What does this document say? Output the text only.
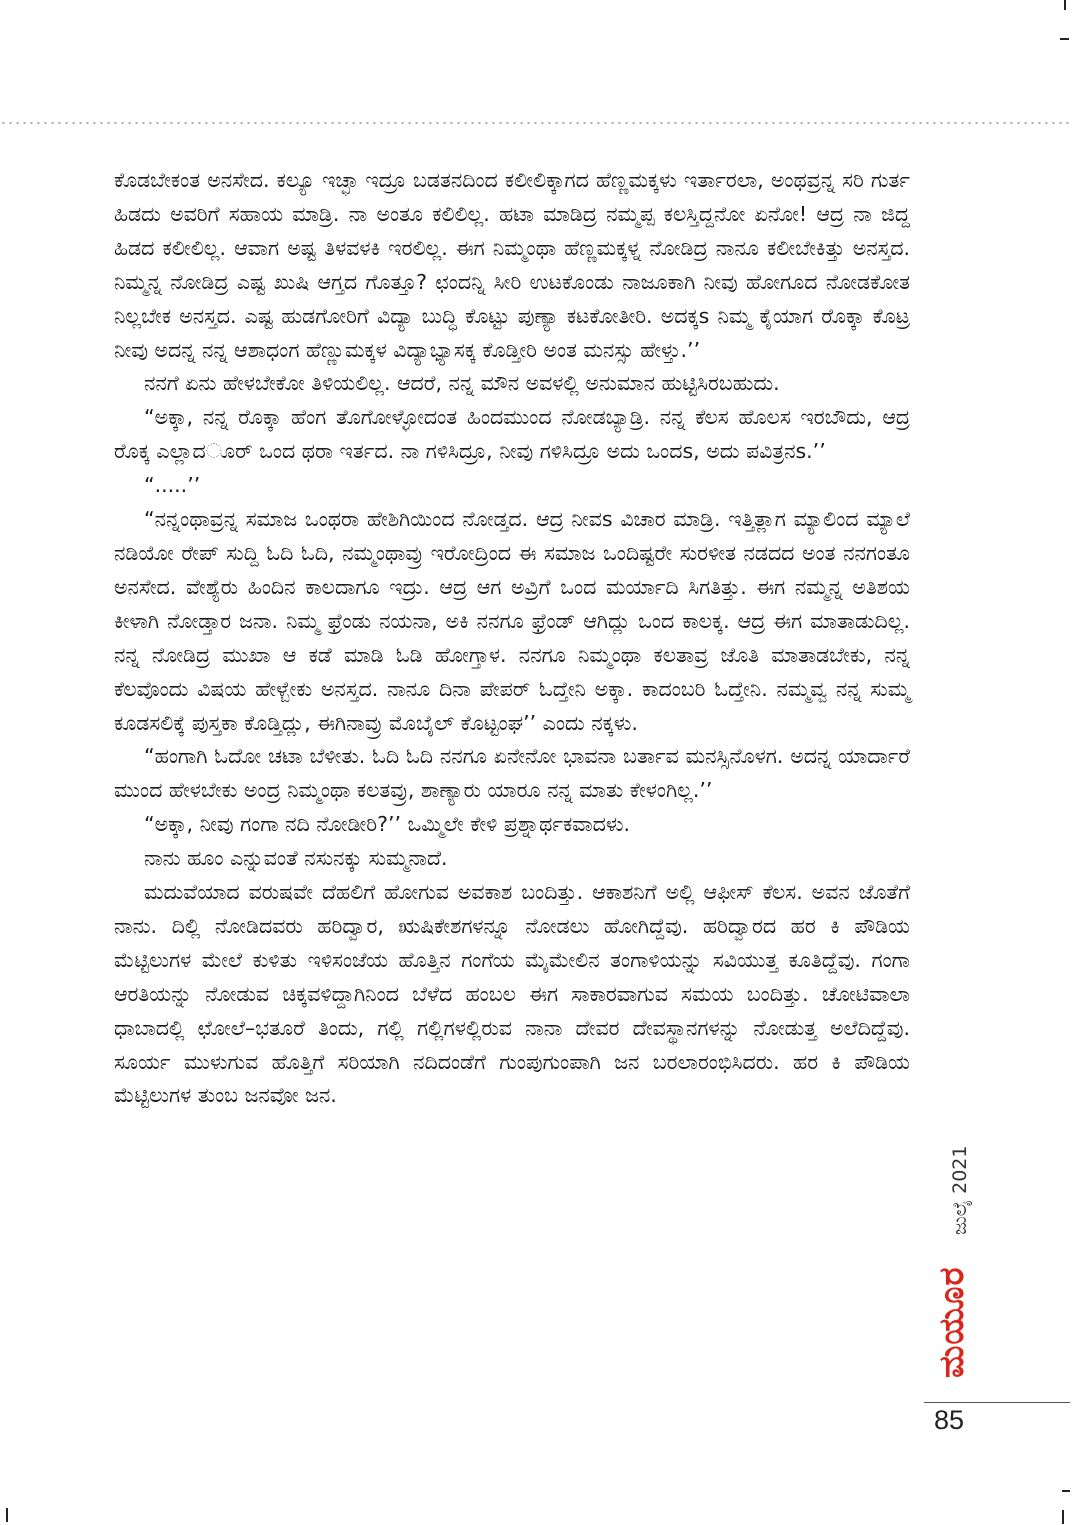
ಕೊಡಬೇಕಂತ ಅನಸೇದ. ಕಲ್ಯೂ ಇಚ್ಛಾ ಇದ್ರೂ ಬಡತನದಿಂದ ಕಲೀಲಿಕ್ಕಾಗದ ಹೆಣ್ಣಮಕ್ಕಳು ಇರ್ತಾರಲಾ, ಅಂಥವ್ರನ್ನ ಸರಿ ಗುರ್ತ ಹಿಡದು ಅವರಿಗೆ ಸಹಾಯ ಮಾಡ್ರಿ. ನಾ ಅಂತೂ ಕಲಿಲಿಲ್ಲ. ಹಟಾ ಮಾಡಿದ್ರ ನಮ್ಮಪ್ಪ ಕಲಸ್ತಿದ್ದನೋ ಏನೋ! ಆದ್ರ ನಾ ಜಿದ್ದ ಹಿಡದ ಕಲೀಲಿಲ್ಲ. ಆವಾಗ ಅಷ್ಟ ತಿಳವಳಕಿ ಇರಲಿಲ್ಲ. ಈಗ ನಿಮ್ಮಂಥಾ ಹೆಣ್ಣಮಕ್ಕಳ್ನ ನೋಡಿದ್ರ ನಾನೂ ಕಲೀಬೇಕಿತ್ತು ಅನಸ್ತದ. ನಿಮ್ಮನ್ನ ನೋಡಿದ್ರ ಎಷ್ಟ ಖುಷಿ ಆಗ್ತದ ಗೊತ್ತೂ? ಛಂದನ್ನಿ ಸೀರಿ ಉಟಕೊಂಡು ನಾಜೂಕಾಗಿ ನೀವು ಹೋಗೂದ ನೋಡಕೋತ ನಿಲ್ಲಬೇಕ ಅನಸ್ತದ. ಎಷ್ಟ ಹುಡಗೋರಿಗೆ ವಿದ್ಯಾ ಬುದ್ಧಿ ಕೊಟ್ಟು ಪುಣ್ಯಾ ಕಟಕೋತೀರಿ. ಅದಕ್ಕs ನಿಮ್ಮ ಕೈಯಾಗ ರೊಕ್ಕಾ ಕೊಟ್ರ ನೀವು ಅದನ್ನ ನನ್ನ ಆಶಾಧಂಗ ಹೆಣ್ಣುಮಕ್ಕಳ ವಿದ್ಯಾಭ್ಯಾಸಕ್ಕ ಕೊಡ್ತೀರಿ ಅಂತ ಮನಸ್ಸು ಹೇಳ್ತು.’’

ನನಗೆ ಏನು ಹೇಳಬೇಕೋ ತಿಳಿಯಲಿಲ್ಲ. ಆದರೆ, ನನ್ನ ಮೌನ ಅವಳಲ್ಲಿ ಅನುಮಾನ ಹುಟ್ಟಿಸಿರಬಹುದು.

“ಅಕ್ಕಾ, ನನ್ನ ರೊಕ್ಕಾ ಹೆಂಗ ತೊಗೋಳ್ಳೋದಂತ ಹಿಂದಮುಂದ ನೋಡಬ್ಯಾಡ್ರಿ. ನನ್ನ ಕೆಲಸ ಹೊಲಸ ಇರಬೌದು, ಆದ್ರ ರೊಕ್ಕ ಎಲ್ಲಾದರ್ೂ ಒಂದ ಥರಾ ಇರ್ತದ. ನಾ ಗಳಿಸಿದ್ರೂ, ನೀವು ಗಳಿಸಿದ್ರೂ ಅದು ಒಂದs, ಅದು ಪವಿತ್ರನs.’’

“.....’’

“ನನ್ನಂಥಾವ್ರನ್ನ ಸಮಾಜ ಒಂಥರಾ ಹೇಶಿಗಿಯಿಂದ ನೋಡ್ತದ. ಆದ್ರ ನೀವs ವಿಚಾರ ಮಾಡ್ರಿ. ಇತ್ತಿತ್ಲಾಗ ಮ್ಯಾಲಿಂದ ಮ್ಯಾಲೆ ನಡಿಯೋ ರೇಪ್ ಸುದ್ದಿ ಓದಿ ಓದಿ, ನಮ್ಮಂಥಾವ್ರು ಇರೋದ್ರಿಂದ ಈ ಸಮಾಜ ಒಂದಿಷ್ಟರೇ ಸುರಳೀತ ನಡದದ ಅಂತ ನನಗಂತೂ ಅನಸೇದ. ವೇಶ್ಯೆರು ಹಿಂದಿನ ಕಾಲದಾಗೂ ಇದ್ರು. ಆದ್ರ ಆಗ ಅವ್ರಿಗೆ ಒಂದ ಮರ್ಯಾದಿ ಸಿಗತಿತ್ತು. ಈಗ ನಮ್ಮನ್ನ ಅತಿಶಯ ಕೀಳಾಗಿ ನೋಡ್ತಾರ ಜನಾ. ನಿಮ್ಮ ಫ್ರೆಂಡು ನಯನಾ, ಅಕಿ ನನಗೂ ಫ್ರೆಂಡ್ ಆಗಿದ್ಲು ಒಂದ ಕಾಲಕ್ಕ. ಆದ್ರ ಈಗ ಮಾತಾಡುದಿಲ್ಲ. ನನ್ನ ನೋಡಿದ್ರ ಮುಖಾ ಆ ಕಡೆ ಮಾಡಿ ಓಡಿ ಹೋಗ್ತಾಳ. ನನಗೂ ನಿಮ್ಮಂಥಾ ಕಲತಾವ್ರ ಜೊತಿ ಮಾತಾಡಬೇಕು, ನನ್ನ ಕೆಲವೊಂದು ವಿಷಯ ಹೇಳ್ಬೇಕು ಅನಸ್ತದ. ನಾನೂ ದಿನಾ ಪೇಪರ್ ಓದ್ತೇನಿ ಅಕ್ಕಾ. ಕಾದಂಬರಿ ಓದ್ತೇನಿ. ನಮ್ಮವ್ವ ನನ್ನ ಸುಮ್ಮ ಕೂಡಸಲಿಕ್ಕೆ ಪುಸ್ತಕಾ ಕೊಡ್ತಿದ್ಲು, ಈಗಿನಾವ್ರು ಮೊಬೈಲ್ ಕೊಟ್ಟಂಘ’’ ಎಂದು ನಕ್ಕಳು.

“ಹಂಗಾಗಿ ಓದೋ ಚಟಾ ಬೆಳೀತು. ಓದಿ ಓದಿ ನನಗೂ ಏನೇನೋ ಭಾವನಾ ಬರ್ತಾವ ಮನಸ್ಸಿನೊಳಗ. ಅದನ್ನ ಯಾರ್ದಾರೆ ಮುಂದ ಹೇಳಬೇಕು ಅಂದ್ರ ನಿಮ್ಮಂಥಾ ಕಲತವ್ರು, ಶಾಣ್ಯಾರು ಯಾರೂ ನನ್ನ ಮಾತು ಕೇಳಂಗಿಲ್ಲ.’’

“ಅಕ್ಕಾ, ನೀವು ಗಂಗಾ ನದಿ ನೋಡೀರಿ?’’ ಒಮ್ಮಿಲೇ ಕೇಳಿ ಪ್ರಶ್ನಾರ್ಥಕವಾದಳು.

ನಾನು ಹೂಂ ಎನ್ನುವಂತೆ ನಸುನಕ್ಕು ಸುಮ್ಮನಾದೆ.

ಮದುವೆಯಾದ ವರುಷವೇ ದೆಹಲಿಗೆ ಹೋಗುವ ಅವಕಾಶ ಬಂದಿತ್ತು. ಆಕಾಶನಿಗೆ ಅಲ್ಲಿ ಆಫೀಸ್ ಕೆಲಸ. ಅವನ ಜೊತೆಗೆ ನಾನು. ದಿಲ್ಲಿ ನೋಡಿದವರು ಹರಿದ್ವಾರ, ಋಷಿಕೇಶಗಳನ್ನೂ ನೋಡಲು ಹೋಗಿದ್ದೆವು. ಹರಿದ್ವಾರದ ಹರ ಕಿ ಪೌಡಿಯ ಮೆಟ್ಟಿಲುಗಳ ಮೇಲೆ ಕುಳಿತು ಇಳಿಸಂಜೆಯ ಹೊತ್ತಿನ ಗಂಗೆಯ ಮೈಮೇಲಿನ ತಂಗಾಳಿಯನ್ನು ಸವಿಯುತ್ತ ಕೂತಿದ್ದೆವು. ಗಂಗಾ ಆರತಿಯನ್ನು ನೋಡುವ ಚಿಕ್ಕವಳಿದ್ದಾಗಿನಿಂದ ಬೆಳೆದ ಹಂಬಲ ಈಗ ಸಾಕಾರವಾಗುವ ಸಮಯ ಬಂದಿತ್ತು. ಚೋಟಿವಾಲಾ ಧಾಬಾದಲ್ಲಿ ಛೋಲೆ–ಭತೂರೆ ತಿಂದು, ಗಲ್ಲಿ ಗಲ್ಲಿಗಳಲ್ಲಿರುವ ನಾನಾ ದೇವರ ದೇವಸ್ಥಾನಗಳನ್ನು ನೋಡುತ್ತ ಅಲೆದಿದ್ದೆವು. ಸೂರ್ಯ ಮುಳುಗುವ ಹೊತ್ತಿಗೆ ಸರಿಯಾಗಿ ನದಿದಂಡೆಗೆ ಗುಂಪುಗುಂಪಾಗಿ ಜನ ಬರಲಾರಂಭಿಸಿದರು. ಹರ ಕಿ ಪೌಡಿಯ ಮೆಟ್ಟಿಲುಗಳ ತುಂಬ ಜನವೋ ಜನ.

ಜುಲೈ 2021
ಮಯೂರ
85
